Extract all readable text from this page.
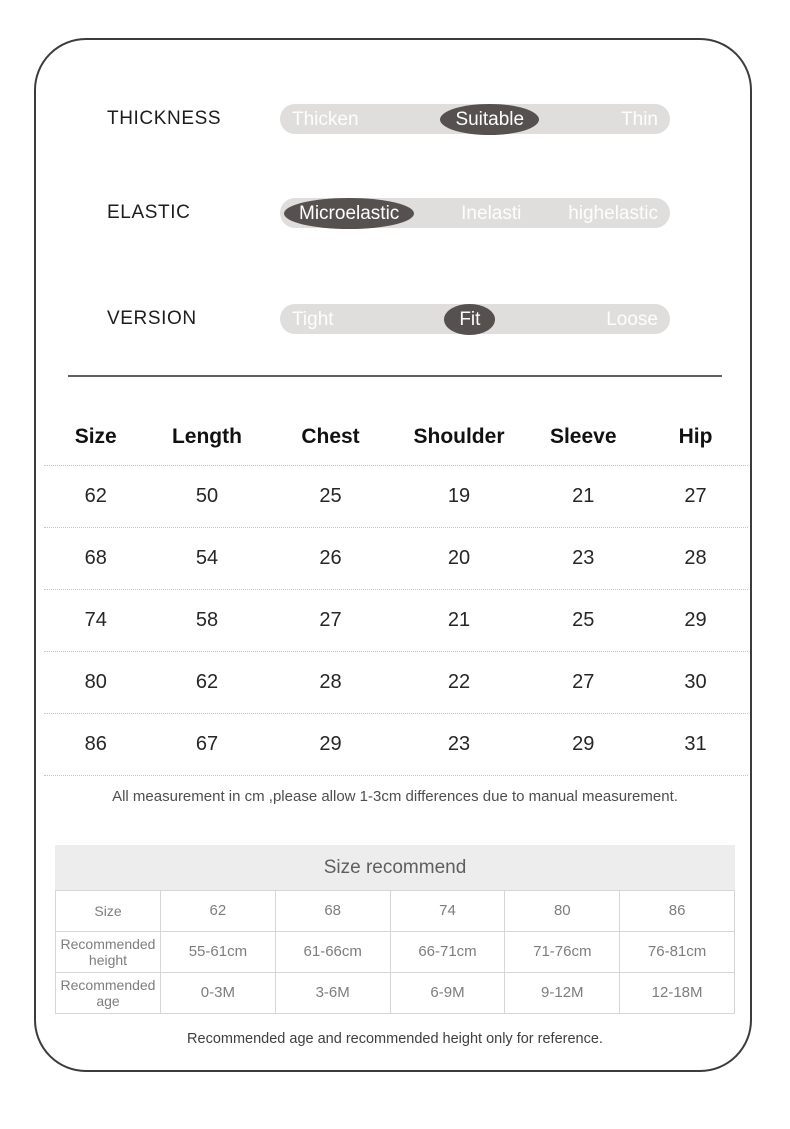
THICKNESS	Thicken	Suitable	Thin
ELASTIC	Microelastic	Inelasti highelastic
VERSION	Tight	Fit	Loose
Size	Length	Chest	Shoulder	Sleeve	Hip
62	50	25	19	21	27
68	54	26	20	23	28
74	58	27	21	25	29
80	62	28	22	27	30
86	67	29	23	29	31
All measurement in cm ,please allow 1-3cm differences due to manual measurement.
Size recommend
Size	62	68	74	80	86
Recommended height	55-61cm	61-66cm	66-71cm	71-76cm	76-81cm
Recommended age	0-3M	3-6M	6-9M	9-12M	12-18M
Recommended age and recommended height only for reference.
